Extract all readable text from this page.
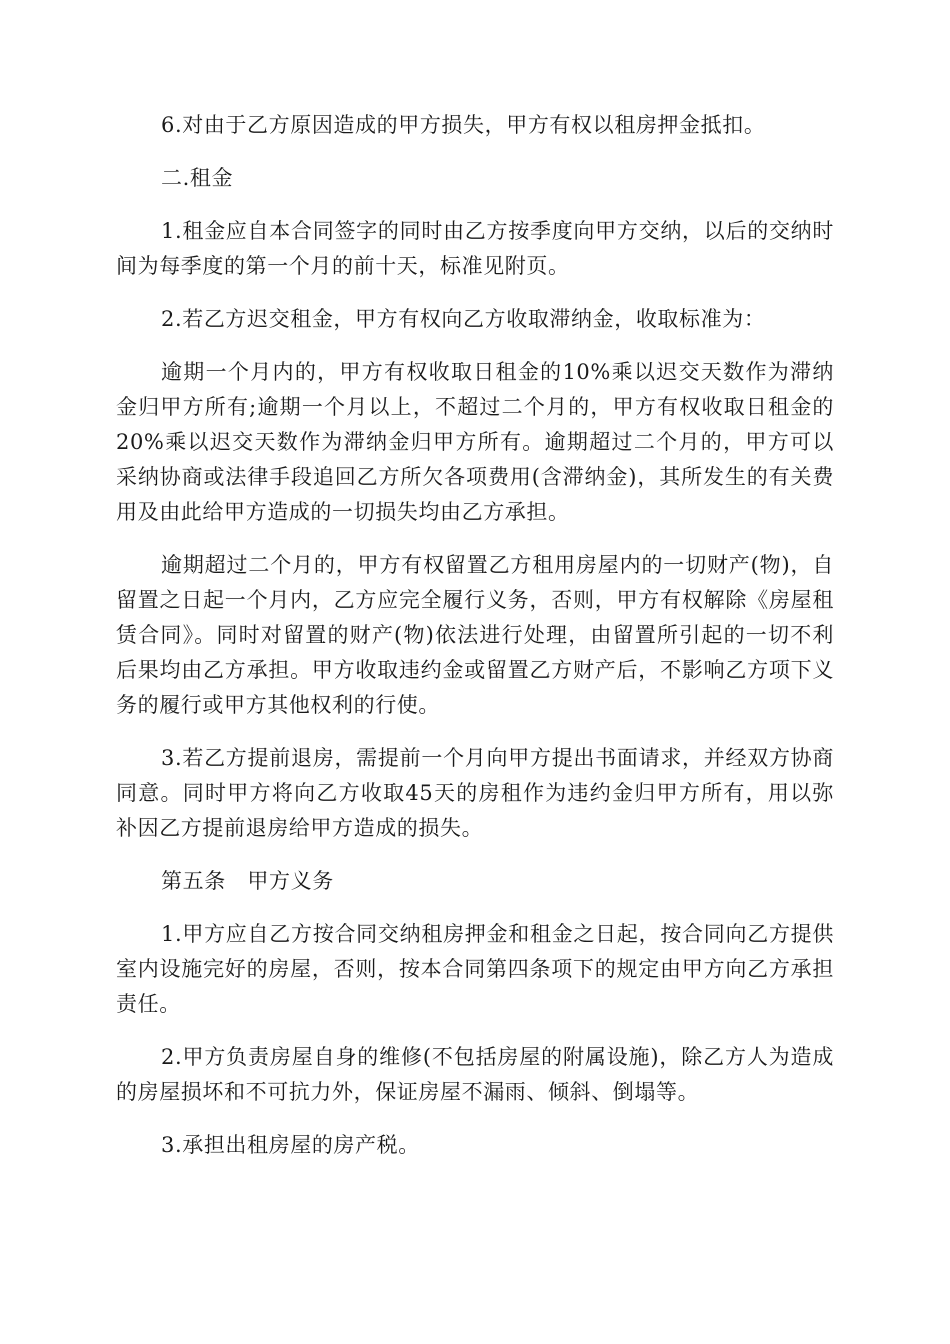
6.对由于乙方原因造成的甲方损失，甲方有权以租房押金抵扣。

二.租金

1.租金应自本合同签字的同时由乙方按季度向甲方交纳，以后的交纳时间为每季度的第一个月的前十天，标准见附页。

2.若乙方迟交租金，甲方有权向乙方收取滞纳金，收取标准为：

逾期一个月内的，甲方有权收取日租金的10%乘以迟交天数作为滞纳金归甲方所有;逾期一个月以上，不超过二个月的，甲方有权收取日租金的20%乘以迟交天数作为滞纳金归甲方所有。逾期超过二个月的，甲方可以采纳协商或法律手段追回乙方所欠各项费用(含滞纳金)，其所发生的有关费用及由此给甲方造成的一切损失均由乙方承担。

逾期超过二个月的，甲方有权留置乙方租用房屋内的一切财产(物)，自留置之日起一个月内，乙方应完全履行义务，否则，甲方有权解除《房屋租赁合同》。同时对留置的财产(物)依法进行处理，由留置所引起的一切不利后果均由乙方承担。甲方收取违约金或留置乙方财产后，不影响乙方项下义务的履行或甲方其他权利的行使。

3.若乙方提前退房，需提前一个月向甲方提出书面请求，并经双方协商同意。同时甲方将向乙方收取45天的房租作为违约金归甲方所有，用以弥补因乙方提前退房给甲方造成的损失。

第五条　甲方义务

1.甲方应自乙方按合同交纳租房押金和租金之日起，按合同向乙方提供室内设施完好的房屋，否则，按本合同第四条项下的规定由甲方向乙方承担责任。

2.甲方负责房屋自身的维修(不包括房屋的附属设施)，除乙方人为造成的房屋损坏和不可抗力外，保证房屋不漏雨、倾斜、倒塌等。

3.承担出租房屋的房产税。
